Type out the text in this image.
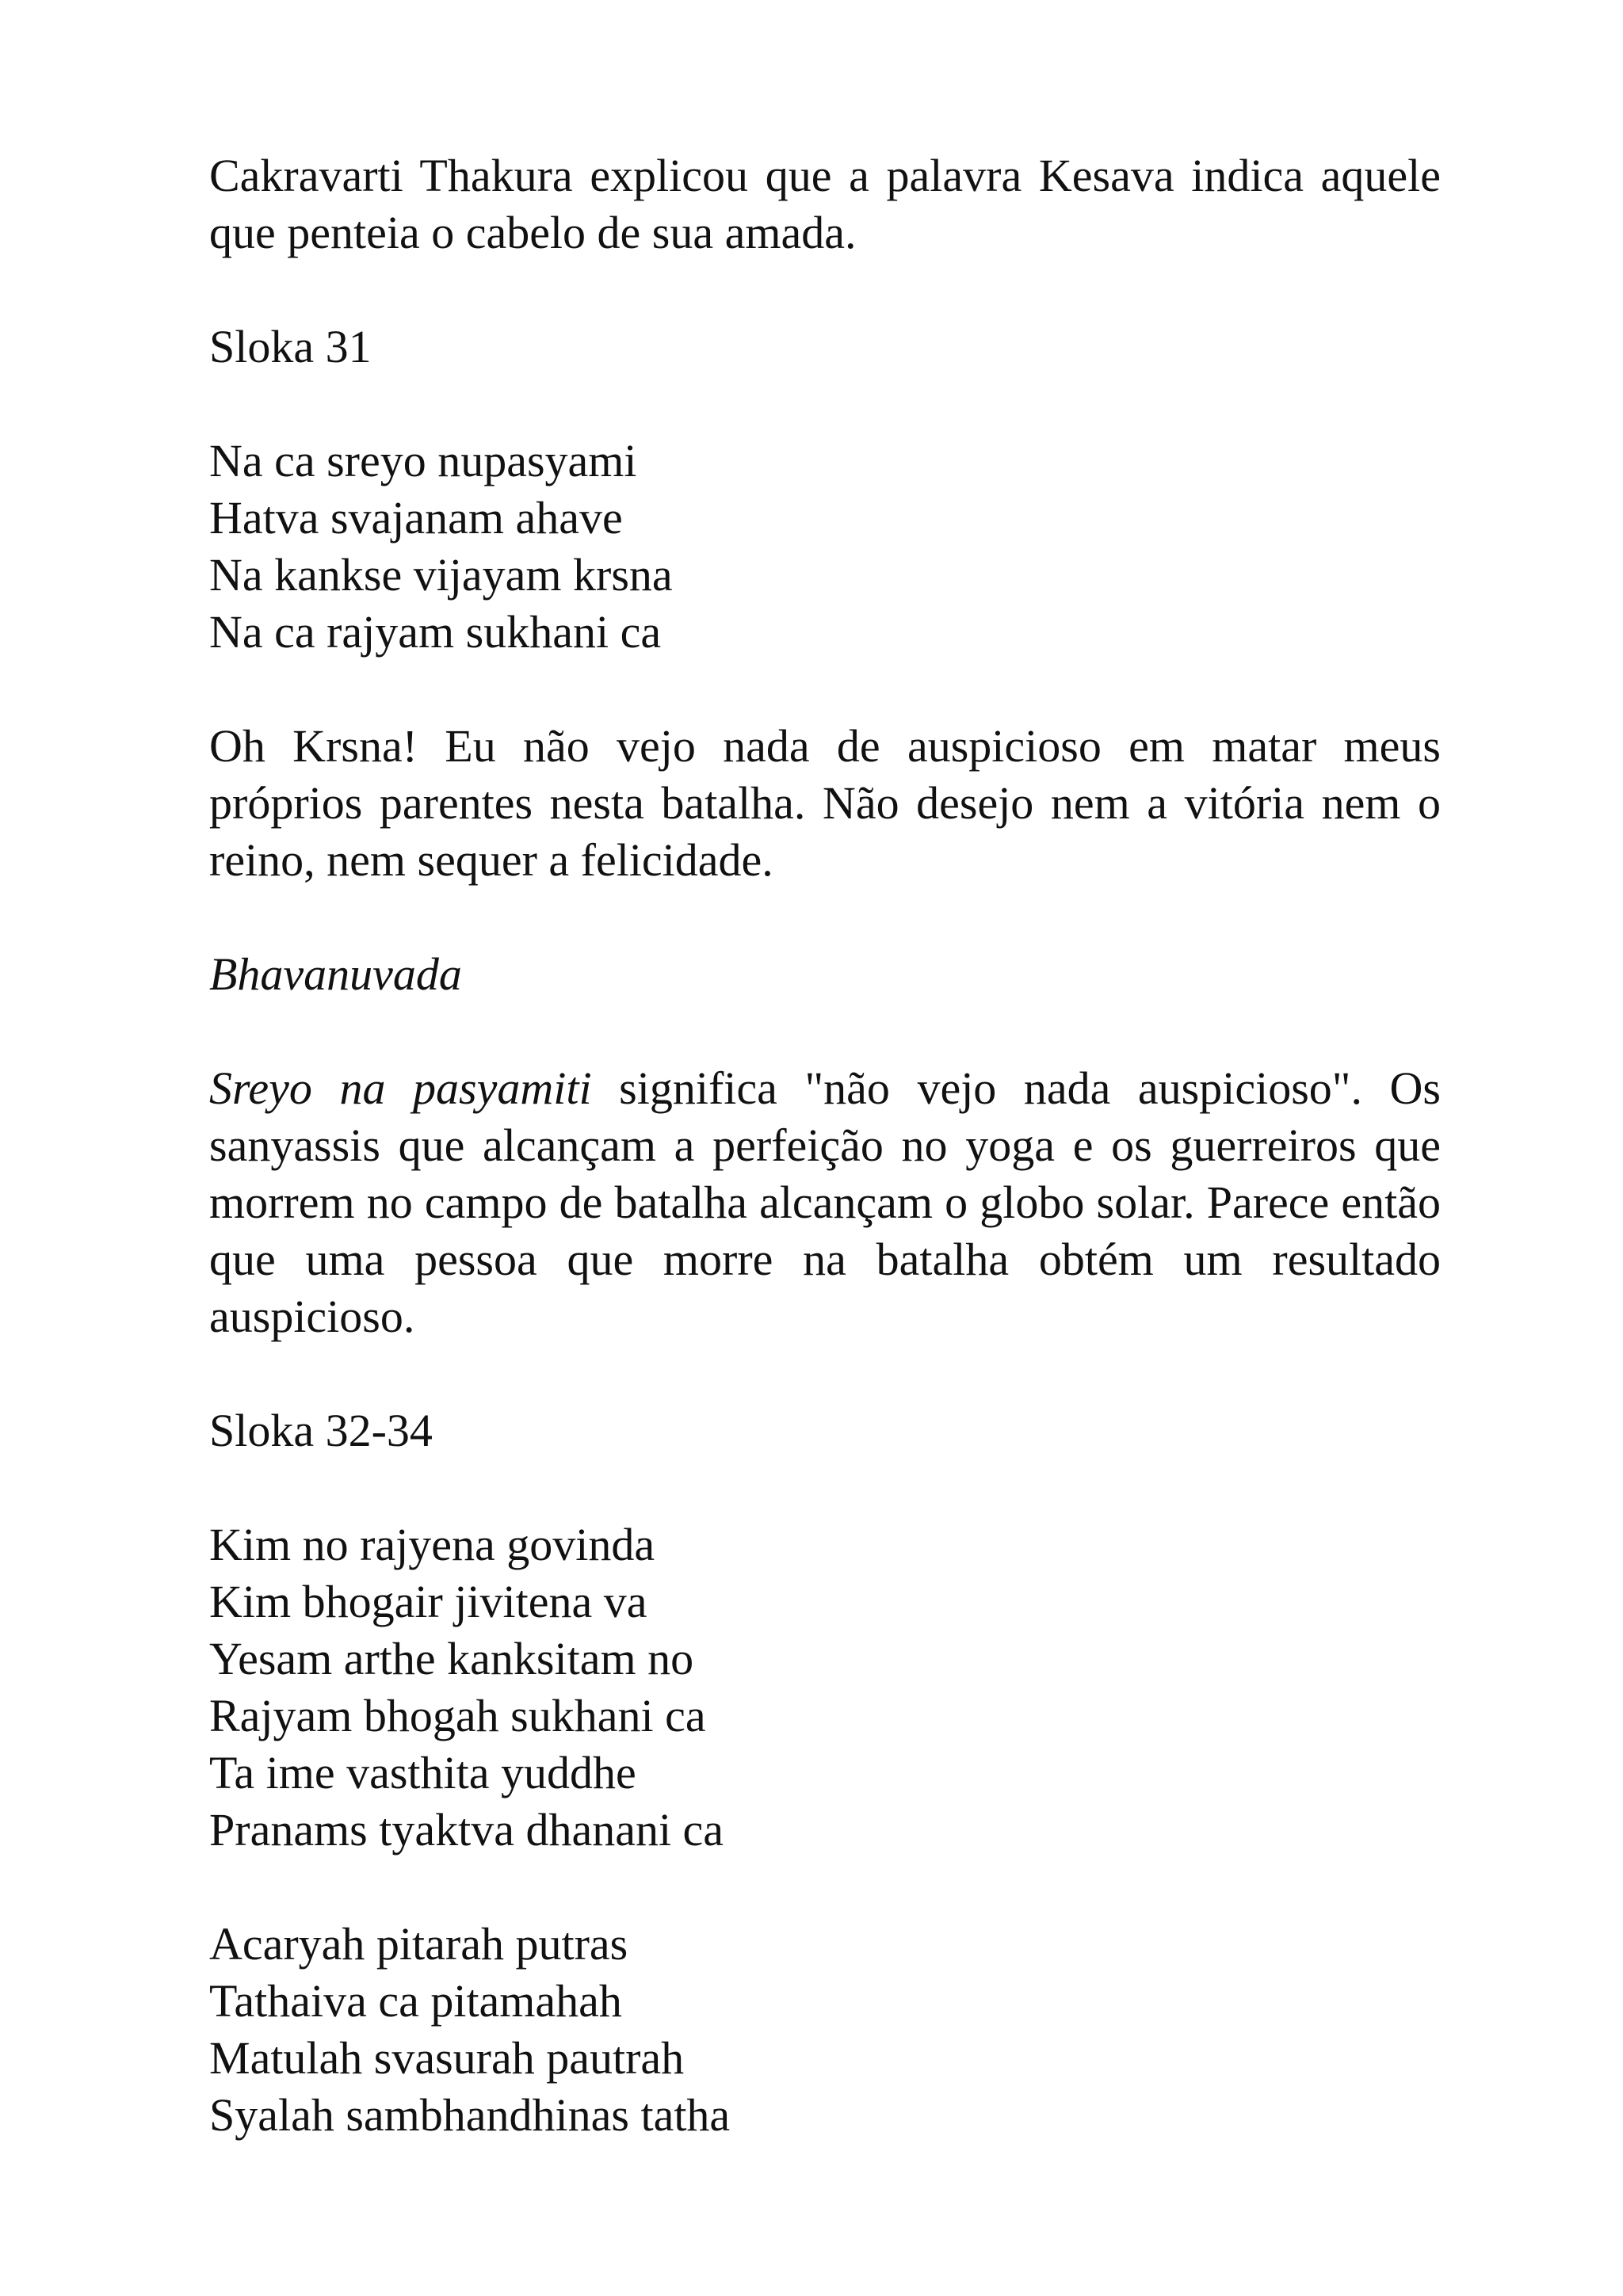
Cakravarti Thakura explicou que a palavra Kesava indica aquele que penteia o cabelo de sua amada.

Sloka 31

Na ca sreyo nupasyami
Hatva svajanam ahave
Na kankse vijayam krsna
Na ca rajyam sukhani ca

Oh Krsna! Eu não vejo nada de auspicioso em matar meus próprios parentes nesta batalha. Não desejo nem a vitória nem o reino, nem sequer a felicidade.

Bhavanuvada

Sreyo na pasyamiti significa "não vejo nada auspicioso". Os sanyassis que alcançam a perfeição no yoga e os guerreiros que morrem no campo de batalha alcançam o globo solar. Parece então que uma pessoa que morre na batalha obtém um resultado auspicioso.

Sloka 32-34

Kim no rajyena govinda
Kim bhogair jivitena va
Yesam arthe kanksitam no
Rajyam bhogah sukhani ca
Ta ime vasthita yuddhe
Pranams tyaktva dhanani ca
Acaryah pitarah putras
Tathaiva ca pitamahah
Matulah svasurah pautrah
Syalah sambhandhinas tatha
